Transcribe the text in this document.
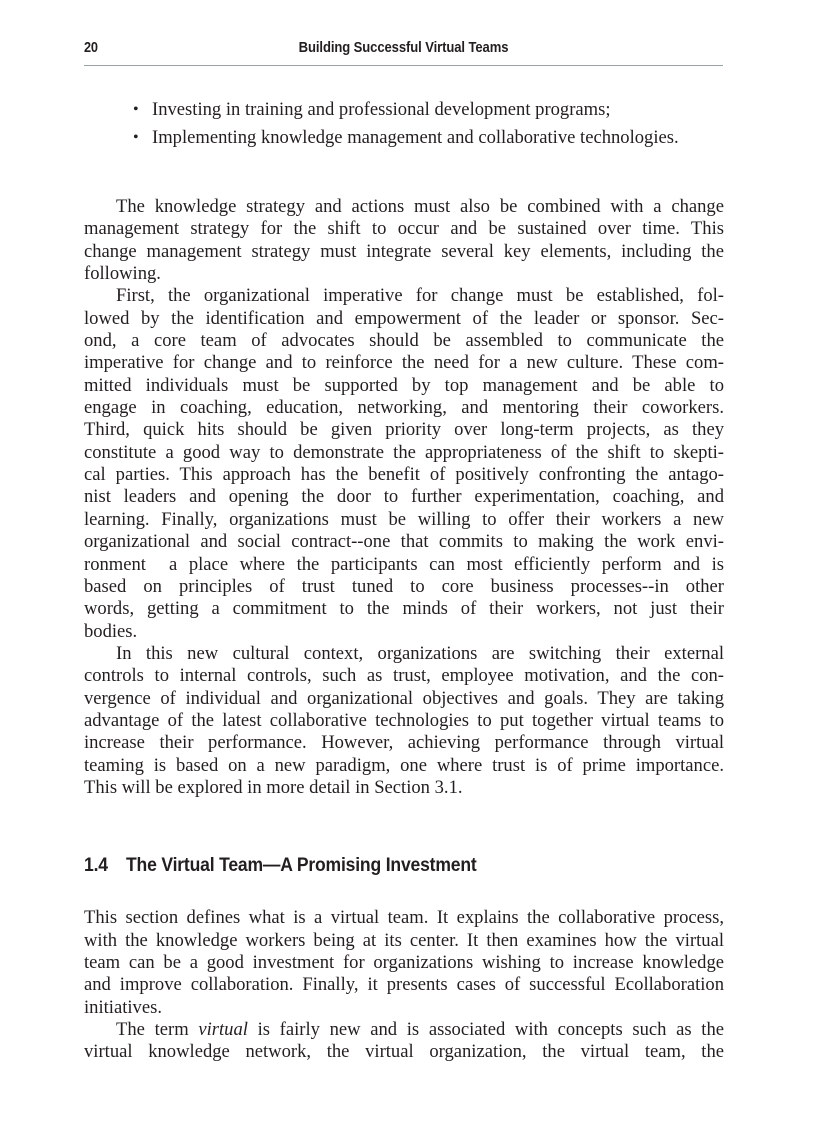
20	Building Successful Virtual Teams
• Investing in training and professional development programs;
• Implementing knowledge management and collaborative technologies.

The knowledge strategy and actions must also be combined with a change
management strategy for the shift to occur and be sustained over time. This
change management strategy must integrate several key elements, including the
following.

First, the organizational imperative for change must be established, fol-
lowed by the identification and empowerment of the leader or sponsor. Sec-
ond, a core team of advocates should be assembled to communicate the
imperative for change and to reinforce the need for a new culture. These com-
mitted individuals must be supported by top management and be able to
engage in coaching, education, networking, and mentoring their coworkers.
Third, quick hits should be given priority over long-term projects, as they
constitute a good way to demonstrate the appropriateness of the shift to skepti-
cal parties. This approach has the benefit of positively confronting the antago-
nist leaders and opening the door to further experimentation, coaching, and
learning. Finally, organizations must be willing to offer their workers a new
organizational and social contract--one that commits to making the work envi-
ronment  a place where the participants can most efficiently perform and is
based on principles of trust tuned to core business processes--in other
words, getting a commitment to the minds of their workers, not just their
bodies.

In this new cultural context, organizations are switching their external
controls to internal controls, such as trust, employee motivation, and the con-
vergence of individual and organizational objectives and goals. They are taking
advantage of the latest collaborative technologies to put together virtual teams to
increase their performance. However, achieving performance through virtual
teaming is based on a new paradigm, one where trust is of prime importance.
This will be explored in more detail in Section 3.1.

1.4 The Virtual Team—A Promising Investment

This section defines what is a virtual team. It explains the collaborative process,
with the knowledge workers being at its center. It then examines how the virtual
team can be a good investment for organizations wishing to increase knowledge
and improve collaboration. Finally, it presents cases of successful Ecollaboration
initiatives.

The term virtual is fairly new and is associated with concepts such as the
virtual knowledge network, the virtual organization, the virtual team, the
